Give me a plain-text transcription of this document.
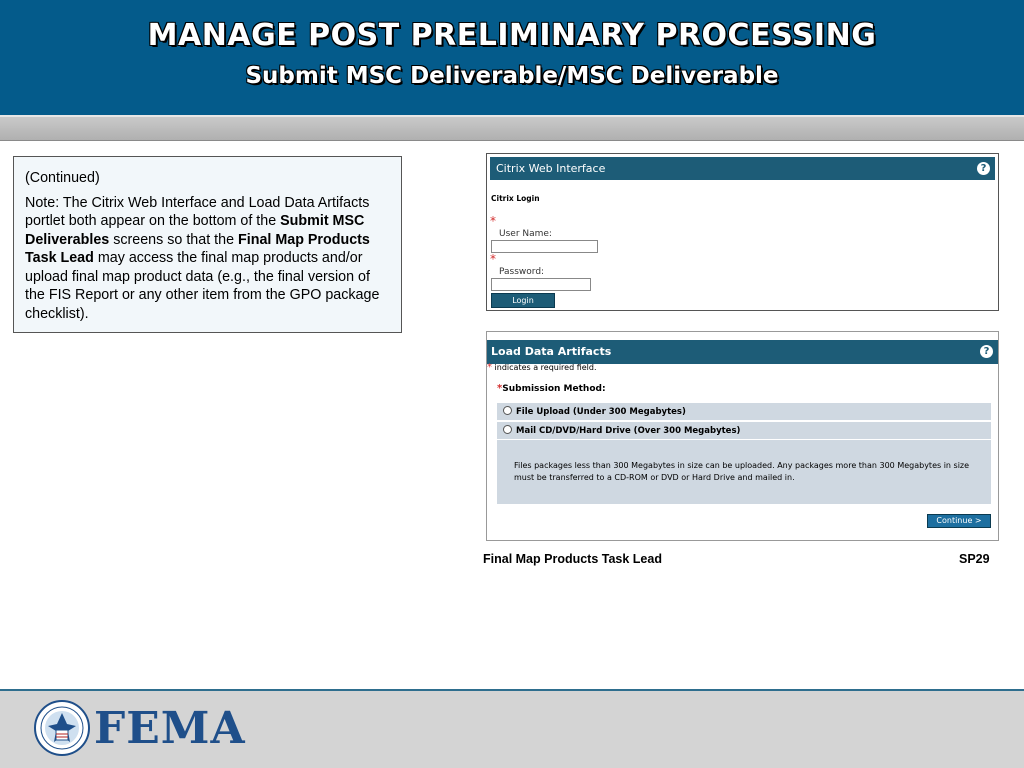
MANAGE POST PRELIMINARY PROCESSING
Submit MSC Deliverable/MSC Deliverable

(Continued)

Note: The Citrix Web Interface and Load Data Artifacts portlet both appear on the bottom of the Submit MSC Deliverables screens so that the Final Map Products Task Lead may access the final map products and/or upload final map product data (e.g., the final version of the FIS Report or any other item from the GPO package checklist).

Citrix Web Interface	?
Citrix Login
*
User Name:
*
Password:
Login
Load Data Artifacts	?
* indicates a required field.
*Submission Method:
File Upload (Under 300 Megabytes)
Mail CD/DVD/Hard Drive (Over 300 Megabytes)
Files packages less than 300 Megabytes in size can be uploaded. Any packages more than 300 Megabytes in size must be transferred to a CD-ROM or DVD or Hard Drive and mailed in.
Continue >
Final Map Products Task Lead	SP29
FEMA
